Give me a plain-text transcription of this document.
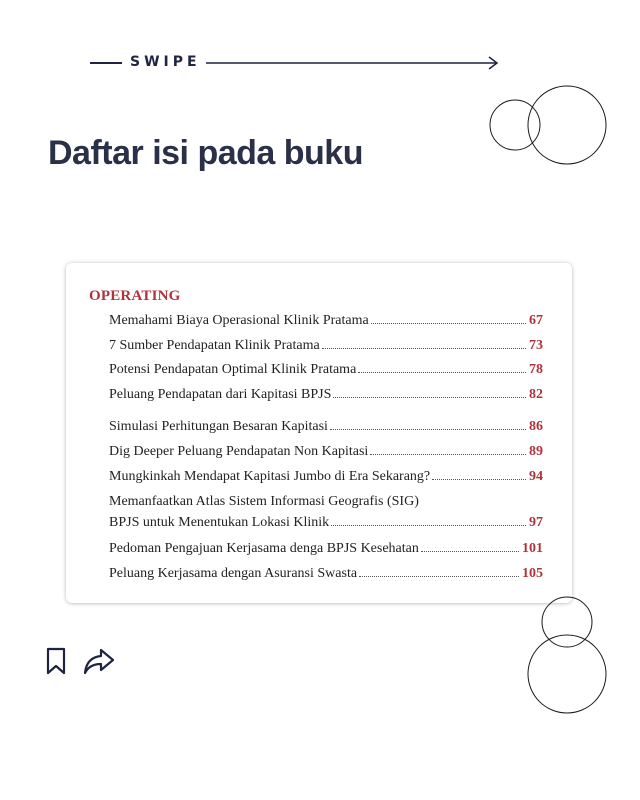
SWIPE
Daftar isi pada buku
OPERATING
Memahami Biaya Operasional Klinik Pratama	67
7 Sumber Pendapatan Klinik Pratama	73
Potensi Pendapatan Optimal Klinik Pratama	78
Peluang Pendapatan dari Kapitasi BPJS	82
Simulasi Perhitungan Besaran Kapitasi	86
Dig Deeper Peluang Pendapatan Non Kapitasi	89
Mungkinkah Mendapat Kapitasi Jumbo di Era Sekarang?	94
Memanfaatkan Atlas Sistem Informasi Geografis (SIG)
BPJS untuk Menentukan Lokasi Klinik	97
Pedoman Pengajuan Kerjasama denga BPJS Kesehatan	101
Peluang Kerjasama dengan Asuransi Swasta	105
